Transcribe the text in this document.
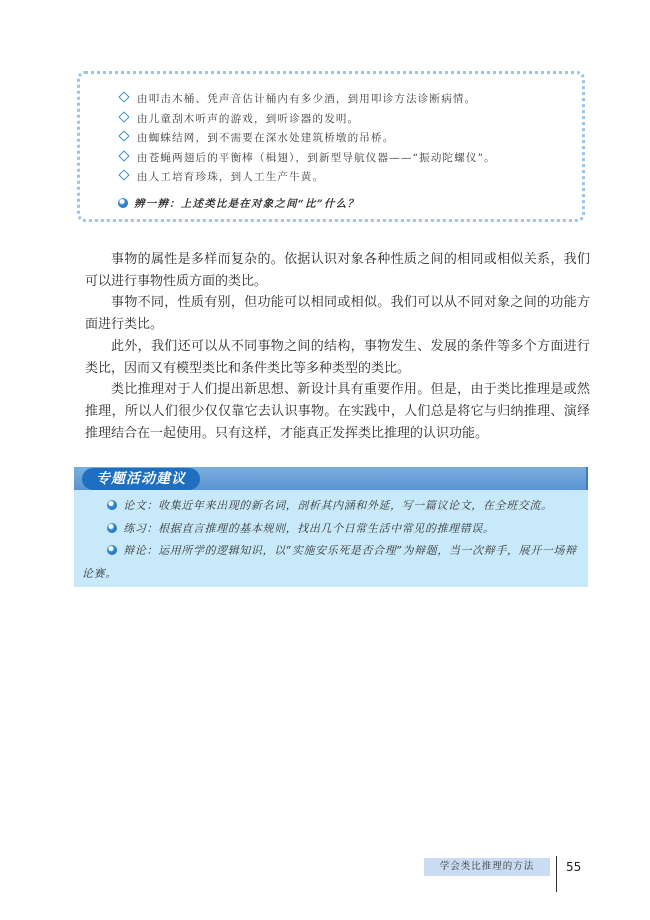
由叩击木桶、凭声音估计桶内有多少酒，到用叩诊方法诊断病情。
由儿童刮木听声的游戏，到听诊器的发明。
由蜘蛛结网，到不需要在深水处建筑桥墩的吊桥。
由苍蝇两翅后的平衡棒（楫翅），到新型导航仪器——“振动陀螺仪”。
由人工培育珍珠，到人工生产牛黄。
辨一辨：上述类比是在对象之间“比”什么？

事物的属性是多样而复杂的。依据认识对象各种性质之间的相同或相似关系，我们可以进行事物性质方面的类比。

事物不同，性质有别，但功能可以相同或相似。我们可以从不同对象之间的功能方面进行类比。

此外，我们还可以从不同事物之间的结构，事物发生、发展的条件等多个方面进行类比，因而又有模型类比和条件类比等多种类型的类比。

类比推理对于人们提出新思想、新设计具有重要作用。但是，由于类比推理是或然推理，所以人们很少仅仅靠它去认识事物。在实践中，人们总是将它与归纳推理、演绎推理结合在一起使用。只有这样，才能真正发挥类比推理的认识功能。

专题活动建议

论文：收集近年来出现的新名词，剖析其内涵和外延，写一篇议论文，在全班交流。

练习：根据直言推理的基本规则，找出几个日常生活中常见的推理错误。

辩论：运用所学的逻辑知识，以“实施安乐死是否合理”为辩题，当一次辩手，展开一场辩论赛。

学会类比推理的方法	55
